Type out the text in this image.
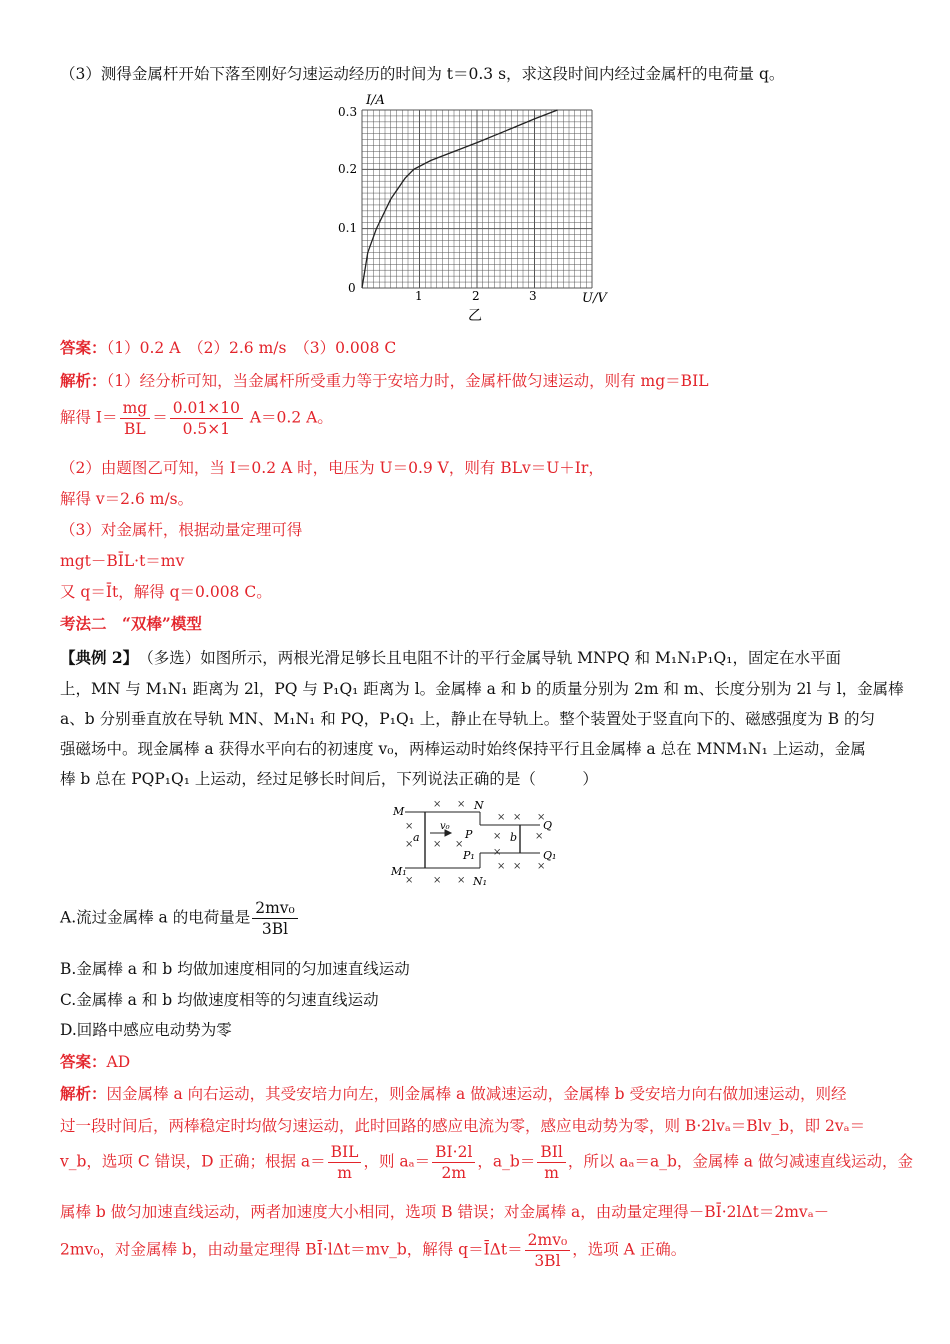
（3）测得金属杆开始下落至刚好匀速运动经历的时间为 t＝0.3 s，求这段时间内经过金属杆的电荷量 q。
I/A
U/V
0.3
0.2
0.1
0
1	2	3
乙
答案：（1）0.2 A　（2）2.6 m/s　（3）0.008 C
解析：（1）经分析可知，当金属杆所受重力等于安培力时，金属杆做匀速运动，则有 mg＝BIL
解得 $I= \frac{mg}{BL} = \frac{0.01\times 10}{0.5\times 1} A=0.2$ A。
（2）由题图乙可知，当 I＝0.2 A 时，电压为 U＝0.9 V，则有 BLv＝U＋Ir，
解得 v＝2.6 m/s。
（3）对金属杆，根据动量定理可得
mgt－BĪL·t＝mv
又 q＝Īt，解得 q＝0.008 C。
考法二　“双棒”模型
【典例 2】　（多选）如图所示，两根光滑足够长且电阻不计的平行金属导轨 MNPQ 和 M₁N₁P₁Q₁，固定在水平面
上，MN 与 M₁N₁ 距离为 2l，PQ 与 P₁Q₁ 距离为 l。金属棒 a 和 b 的质量分别为 2m 和 m、长度分别为 2l 与 l，金属棒
a、b 分别垂直放在导轨 MN、M₁N₁ 和 PQ，P₁Q₁ 上，静止在导轨上。整个装置处于竖直向下的、磁感强度为 B 的匀
强磁场中。现金属棒 a 获得水平向右的初速度 v₀，两棒运动时始终保持平行且金属棒 a 总在 MNM₁N₁ 上运动，金属
棒 b 总在 PQP₁Q₁ 上运动，经过足够长时间后，下列说法正确的是（　　　）
M	N
P
Q
M₁
N₁
P₁	Q₁
a	b
v₀
× ×
× × ×
×
× × ×
×
×
×
× × ×
× × ×
A.流过金属棒 a 的电荷量是 $\frac{\text{2mv₀}}{3Bl}$
B.金属棒 a 和 b 均做加速度相同的匀加速直线运动
C.金属棒 a 和 b 均做速度相等的匀速直线运动
D.回路中感应电动势为零
答案：AD
解析：因金属棒 a 向右运动，其受安培力向左，则金属棒 a 做减速运动，金属棒 b 受安培力向右做加速运动，则经
过一段时间后，两棒稳定时均做匀速运动，此时回路的感应电流为零，感应电动势为零，则 B·2lvₐ＝Blv_b，即 2vₐ＝
v_b，选项 C 错误，D 正确；根据 $a= \frac{\text{BIL}}{m}$ ，则 $a_a= \frac{BI\cdot 2l}{2m}$ ，a_b＝ $\frac{\text{BIl}}{m}$ ，所以 aₐ＝a_b，金属棒 a 做匀减速直线运动，金
属棒 b 做匀加速直线运动，两者加速度大小相同，选项 B 错误；对金属棒 a，由动量定理得－BĪ·2lΔt＝2mvₐ－
2mv₀，对金属棒 b，由动量定理得 BĪ·lΔt＝mv_b，解得 q＝ĪΔt＝ $\frac{\text{2mv₀}}{3Bl}$ ，选项 A 正确。
